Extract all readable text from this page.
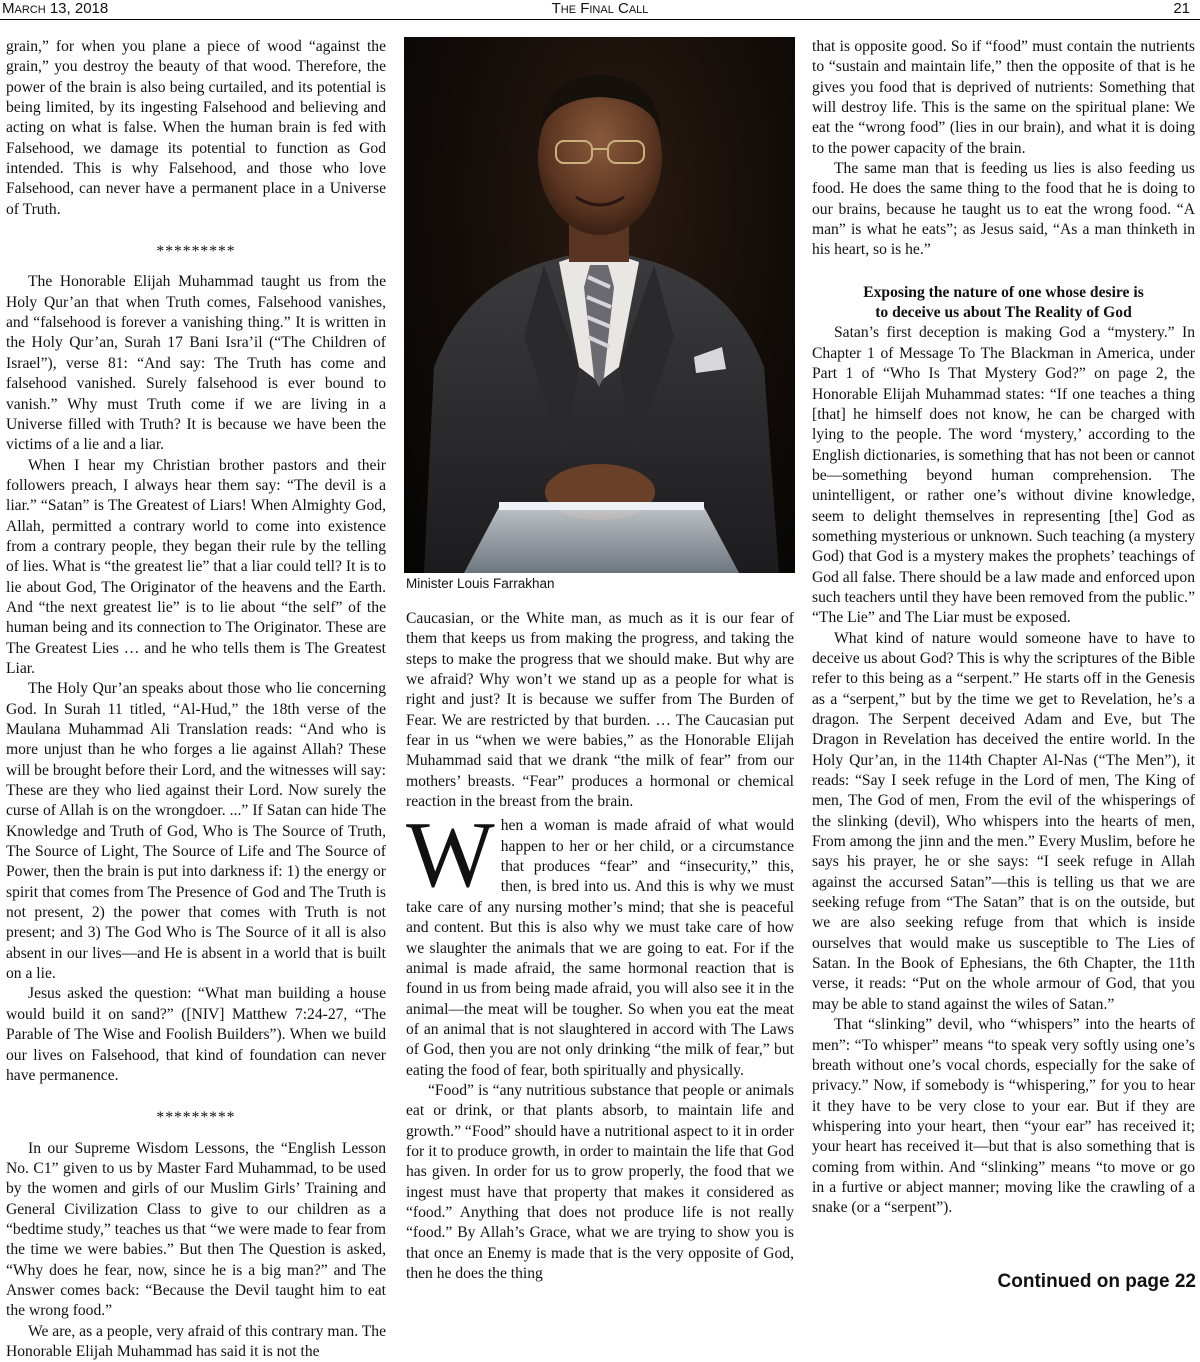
March 13, 2018	The Final Call	21

grain,” for when you plane a piece of wood “against the grain,” you destroy the beauty of that wood. Therefore, the power of the brain is also being curtailed, and its potential is being limited, by its ingesting Falsehood and believing and acting on what is false. When the human brain is fed with Falsehood, we damage its potential to function as God intended. This is why Falsehood, and those who love Falsehood, can never have a permanent place in a Universe of Truth.

*********

The Honorable Elijah Muhammad taught us from the Holy Qur’an that when Truth comes, Falsehood vanishes, and “falsehood is forever a vanishing thing.” It is written in the Holy Qur’an, Surah 17 Bani Isra’il (“The Children of Israel”), verse 81: “And say: The Truth has come and falsehood vanished. Surely falsehood is ever bound to vanish.” Why must Truth come if we are living in a Universe filled with Truth? It is because we have been the victims of a lie and a liar.

When I hear my Christian brother pastors and their followers preach, I always hear them say: “The devil is a liar.” “Satan” is The Greatest of Liars! When Almighty God, Allah, permitted a contrary world to come into existence from a contrary people, they began their rule by the telling of lies. What is “the greatest lie” that a liar could tell? It is to lie about God, The Originator of the heavens and the Earth. And “the next greatest lie” is to lie about “the self” of the human being and its connection to The Originator. These are The Greatest Lies … and he who tells them is The Greatest Liar.

The Holy Qur’an speaks about those who lie concerning God. In Surah 11 titled, “Al-Hud,” the 18th verse of the Maulana Muhammad Ali Translation reads: “And who is more unjust than he who forges a lie against Allah? These will be brought before their Lord, and the witnesses will say: These are they who lied against their Lord. Now surely the curse of Allah is on the wrongdoer. ...” If Satan can hide The Knowledge and Truth of God, Who is The Source of Truth, The Source of Light, The Source of Life and The Source of Power, then the brain is put into darkness if: 1) the energy or spirit that comes from The Presence of God and The Truth is not present, 2) the power that comes with Truth is not present; and 3) The God Who is The Source of it all is also absent in our lives—and He is absent in a world that is built on a lie.

Jesus asked the question: “What man building a house would build it on sand?” ([NIV] Matthew 7:24-27, “The Parable of The Wise and Foolish Builders”). When we build our lives on Falsehood, that kind of foundation can never have permanence.

*********

In our Supreme Wisdom Lessons, the “English Lesson No. C1” given to us by Master Fard Muhammad, to be used by the women and girls of our Muslim Girls’ Training and General Civilization Class to give to our children as a “bedtime study,” teaches us that “we were made to fear from the time we were babies.” But then The Question is asked, “Why does he fear, now, since he is a big man?” and The Answer comes back: “Because the Devil taught him to eat the wrong food.”

We are, as a people, very afraid of this contrary man. The Honorable Elijah Muhammad has said it is not the

Minister Louis Farrakhan

Caucasian, or the White man, as much as it is our fear of them that keeps us from making the progress, and taking the steps to make the progress that we should make. But why are we afraid? Why won’t we stand up as a people for what is right and just? It is because we suffer from The Burden of Fear. We are restricted by that burden. … The Caucasian put fear in us “when we were babies,” as the Honorable Elijah Muhammad said that we drank “the milk of fear” from our mothers’ breasts. “Fear” produces a hormonal or chemical reaction in the breast from the brain.

When a woman is made afraid of what would happen to her or her child, or a circumstance that produces “fear” and “insecurity,” this, then, is bred into us. And this is why we must take care of any nursing mother’s mind; that she is peaceful and content. But this is also why we must take care of how we slaughter the animals that we are going to eat. For if the animal is made afraid, the same hormonal reaction that is found in us from being made afraid, you will also see it in the animal—the meat will be tougher. So when you eat the meat of an animal that is not slaughtered in accord with The Laws of God, then you are not only drinking “the milk of fear,” but eating the food of fear, both spiritually and physically.

“Food” is “any nutritious substance that people or animals eat or drink, or that plants absorb, to maintain life and growth.” “Food” should have a nutritional aspect to it in order for it to produce growth, in order to maintain the life that God has given. In order for us to grow properly, the food that we ingest must have that property that makes it considered as “food.” Anything that does not produce life is not really “food.” By Allah’s Grace, what we are trying to show you is that once an Enemy is made that is the very opposite of God, then he does the thing

that is opposite good. So if “food” must contain the nutrients to “sustain and maintain life,” then the opposite of that is he gives you food that is deprived of nutrients: Something that will destroy life. This is the same on the spiritual plane: We eat the “wrong food” (lies in our brain), and what it is doing to the power capacity of the brain.

The same man that is feeding us lies is also feeding us food. He does the same thing to the food that he is doing to our brains, because he taught us to eat the wrong food. “A man” is what he eats”; as Jesus said, “As a man thinketh in his heart, so is he.”

Exposing the nature of one whose desire is
to deceive us about The Reality of God

Satan’s first deception is making God a “mystery.” In Chapter 1 of Message To The Blackman in America, under Part 1 of “Who Is That Mystery God?” on page 2, the Honorable Elijah Muhammad states: “If one teaches a thing [that] he himself does not know, he can be charged with lying to the people. The word ‘mystery,’ according to the English dictionaries, is something that has not been or cannot be—something beyond human comprehension. The unintelligent, or rather one’s without divine knowledge, seem to delight themselves in representing [the] God as something mysterious or unknown. Such teaching (a mystery God) that God is a mystery makes the prophets’ teachings of God all false. There should be a law made and enforced upon such teachers until they have been removed from the public.” “The Lie” and The Liar must be exposed.

What kind of nature would someone have to have to deceive us about God? This is why the scriptures of the Bible refer to this being as a “serpent.” He starts off in the Genesis as a “serpent,” but by the time we get to Revelation, he’s a dragon. The Serpent deceived Adam and Eve, but The Dragon in Revelation has deceived the entire world. In the Holy Qur’an, in the 114th Chapter Al-Nas (“The Men”), it reads: “Say I seek refuge in the Lord of men, The King of men, The God of men, From the evil of the whisperings of the slinking (devil), Who whispers into the hearts of men, From among the jinn and the men.” Every Muslim, before he says his prayer, he or she says: “I seek refuge in Allah against the accursed Satan”—this is telling us that we are seeking refuge from “The Satan” that is on the outside, but we are also seeking refuge from that which is inside ourselves that would make us susceptible to The Lies of Satan. In the Book of Ephesians, the 6th Chapter, the 11th verse, it reads: “Put on the whole armour of God, that you may be able to stand against the wiles of Satan.”

That “slinking” devil, who “whispers” into the hearts of men”: “To whisper” means “to speak very softly using one’s breath without one’s vocal chords, especially for the sake of privacy.” Now, if somebody is “whispering,” for you to hear it they have to be very close to your ear. But if they are whispering into your heart, then “your ear” has received it; your heart has received it—but that is also something that is coming from within. And “slinking” means “to move or go in a furtive or abject manner; moving like the crawling of a snake (or a “serpent”).

Continued on page 22
